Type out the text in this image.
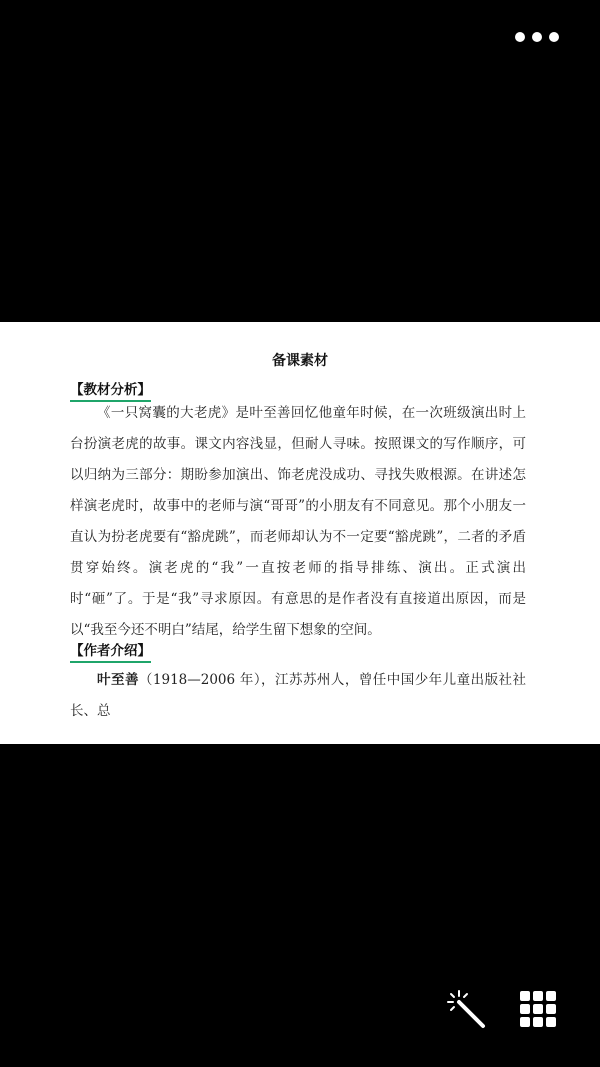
备课素材
【教材分析】
《一只窝囊的大老虎》是叶至善回忆他童年时候，在一次班级演出时上台扮演老虎的故事。课文内容浅显，但耐人寻味。按照课文的写作顺序，可以归纳为三部分：期盼参加演出、饰老虎没成功、寻找失败根源。在讲述怎样演老虎时，故事中的老师与演“哥哥”的小朋友有不同意见。那个小朋友一直认为扮老虎要有“豁虎跳”，而老师却认为不一定要“豁虎跳”，二者的矛盾贯穿始终。演老虎的“我”一直按老师的指导排练、演出。正式演出时“砸”了。于是“我”寻求原因。有意思的是作者没有直接道出原因，而是以“我至今还不明白”结尾，给学生留下想象的空间。
【作者介绍】
叶至善（1918—2006 年），江苏苏州人，曾任中国少年儿童出版社社长、总
